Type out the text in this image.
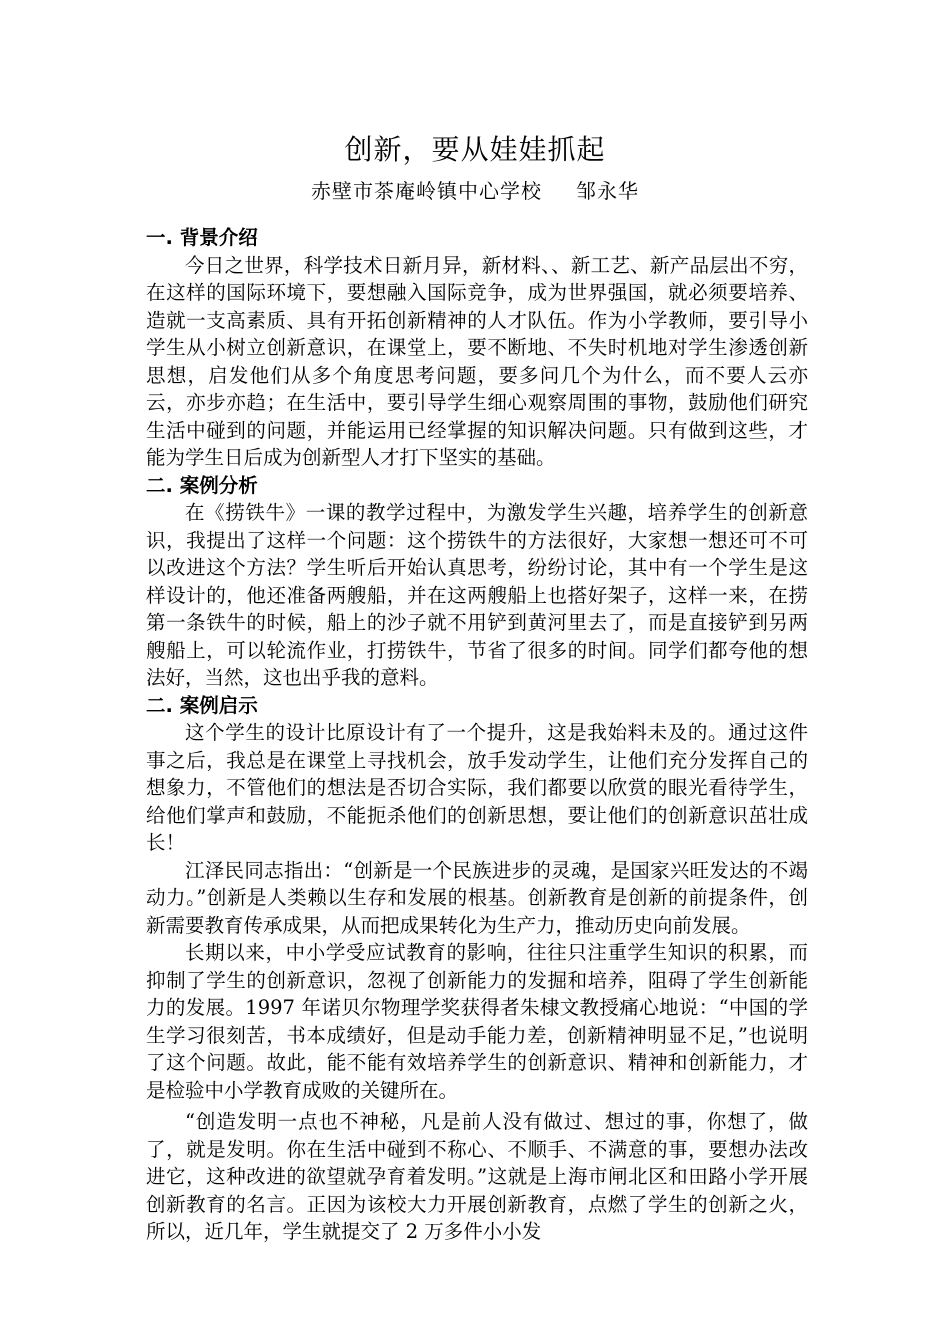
创新，要从娃娃抓起
赤壁市茶庵岭镇中心学校 邹永华

一. 背景介绍

今日之世界，科学技术日新月异，新材料、、新工艺、新产品层出不穷，在这样的国际环境下，要想融入国际竞争，成为世界强国，就必须要培养、造就一支高素质、具有开拓创新精神的人才队伍。作为小学教师，要引导小学生从小树立创新意识，在课堂上，要不断地、不失时机地对学生渗透创新思想，启发他们从多个角度思考问题，要多问几个为什么，而不要人云亦云，亦步亦趋；在生活中，要引导学生细心观察周围的事物，鼓励他们研究生活中碰到的问题，并能运用已经掌握的知识解决问题。只有做到这些，才能为学生日后成为创新型人才打下坚实的基础。

二. 案例分析

在《捞铁牛》一课的教学过程中，为激发学生兴趣，培养学生的创新意识，我提出了这样一个问题：这个捞铁牛的方法很好，大家想一想还可不可以改进这个方法？学生听后开始认真思考，纷纷讨论，其中有一个学生是这样设计的，他还准备两艘船，并在这两艘船上也搭好架子，这样一来，在捞第一条铁牛的时候，船上的沙子就不用铲到黄河里去了，而是直接铲到另两艘船上，可以轮流作业，打捞铁牛，节省了很多的时间。同学们都夸他的想法好，当然，这也出乎我的意料。

二. 案例启示

这个学生的设计比原设计有了一个提升，这是我始料未及的。通过这件事之后，我总是在课堂上寻找机会，放手发动学生，让他们充分发挥自己的想象力，不管他们的想法是否切合实际，我们都要以欣赏的眼光看待学生，给他们掌声和鼓励，不能扼杀他们的创新思想，要让他们的创新意识茁壮成长！

江泽民同志指出：“创新是一个民族进步的灵魂，是国家兴旺发达的不竭动力。”创新是人类赖以生存和发展的根基。创新教育是创新的前提条件，创新需要教育传承成果，从而把成果转化为生产力，推动历史向前发展。

长期以来，中小学受应试教育的影响，往往只注重学生知识的积累，而抑制了学生的创新意识，忽视了创新能力的发掘和培养，阻碍了学生创新能力的发展。1997 年诺贝尔物理学奖获得者朱棣文教授痛心地说：“中国的学生学习很刻苦，书本成绩好，但是动手能力差，创新精神明显不足，”也说明了这个问题。故此，能不能有效培养学生的创新意识、精神和创新能力，才是检验中小学教育成败的关键所在。

“创造发明一点也不神秘，凡是前人没有做过、想过的事，你想了，做了，就是发明。你在生活中碰到不称心、不顺手、不满意的事，要想办法改进它，这种改进的欲望就孕育着发明。”这就是上海市闸北区和田路小学开展创新教育的名言。正因为该校大力开展创新教育，点燃了学生的创新之火，所以，近几年，学生就提交了 2 万多件小小发
